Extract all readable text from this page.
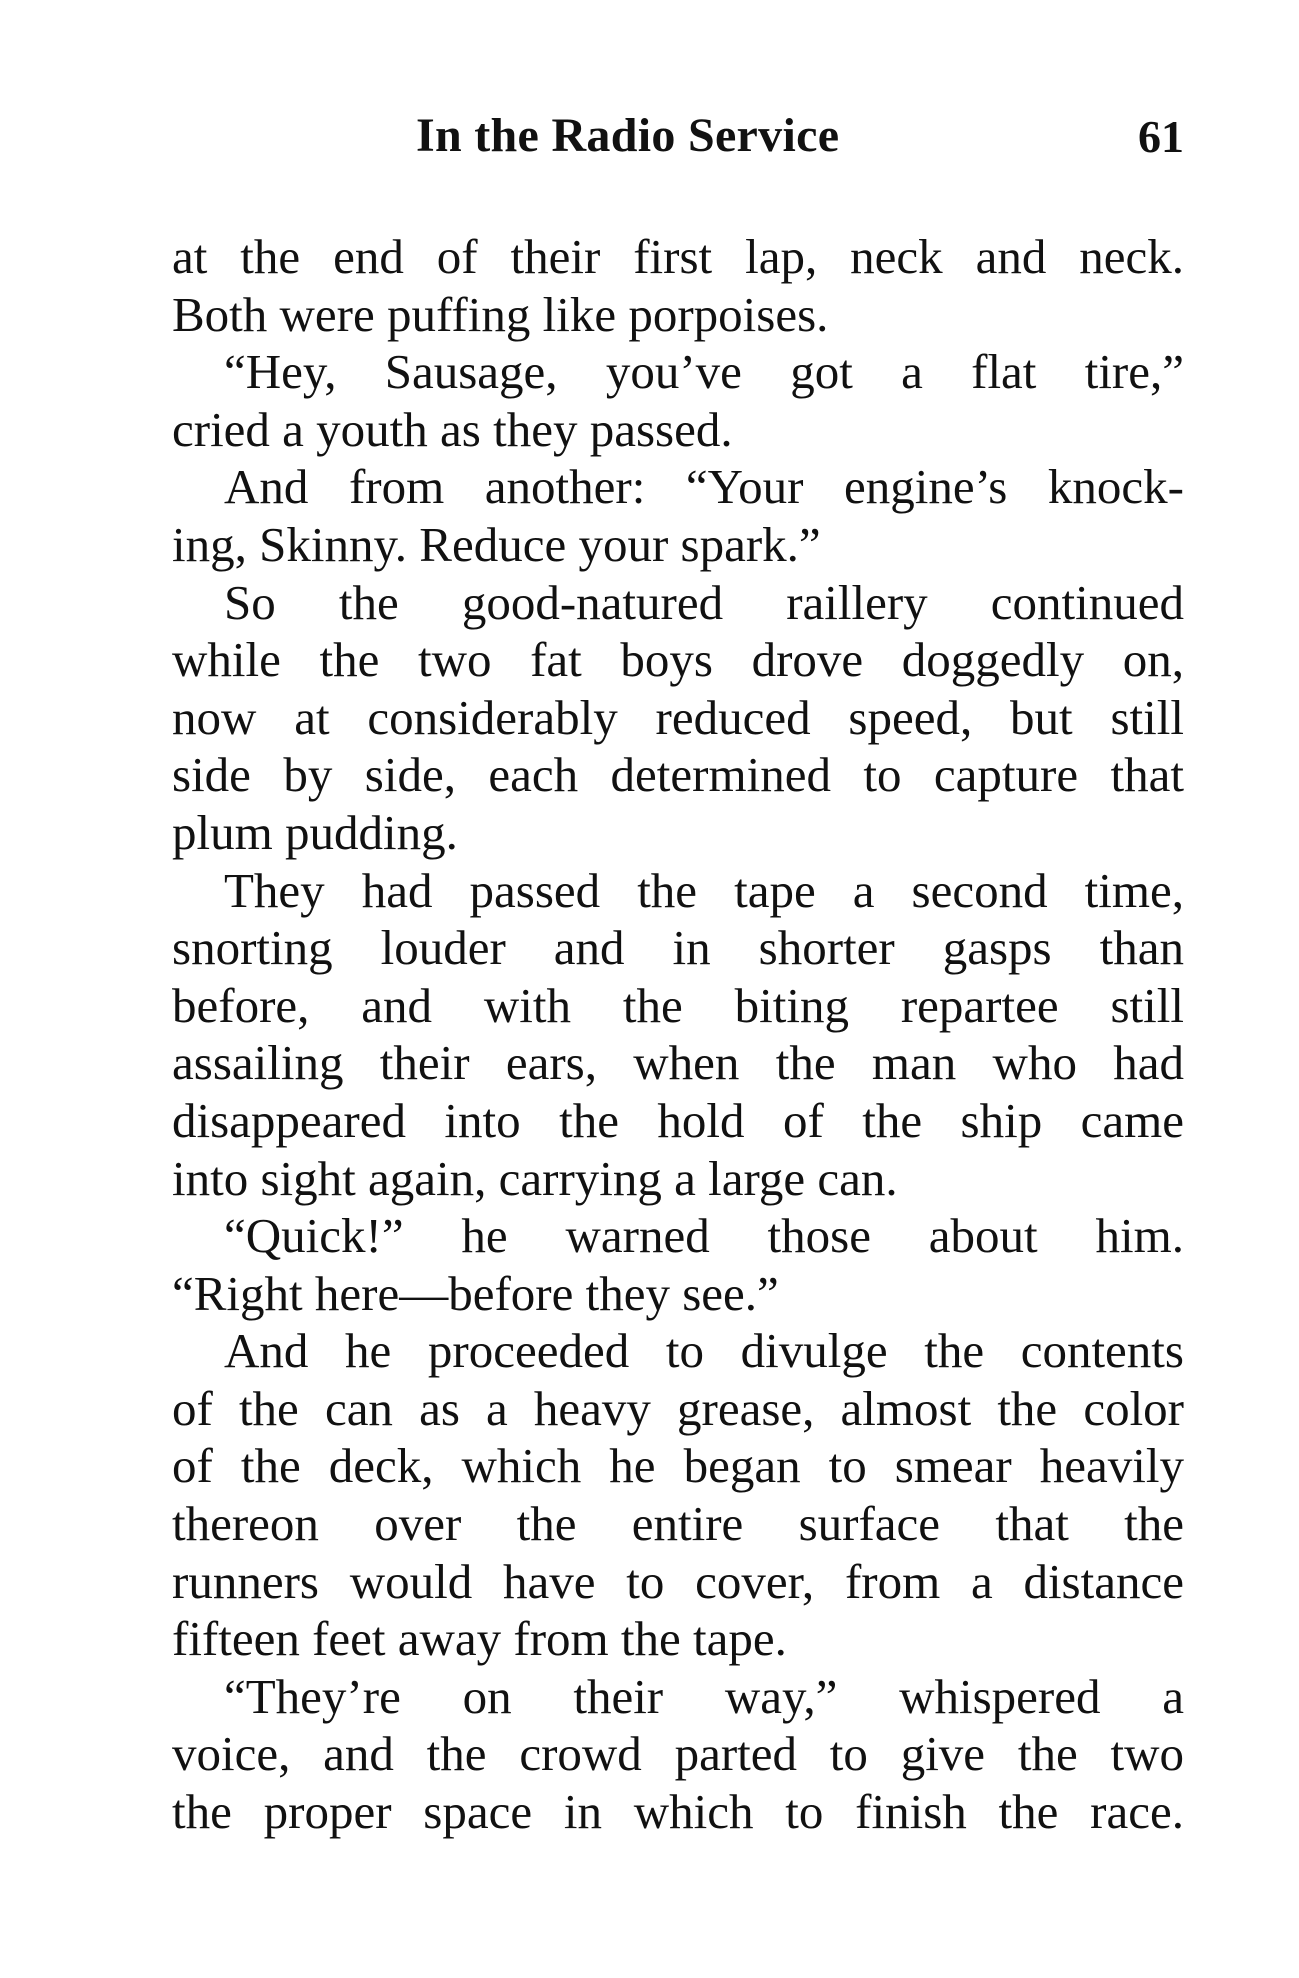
In the Radio Service	61
at the end of their first lap, neck and neck.
Both were puffing like porpoises.
“Hey, Sausage, you’ve got a flat tire,”
cried a youth as they passed.
And from another: “Your engine’s knock-
ing, Skinny. Reduce your spark.”
So the good-natured raillery continued
while the two fat boys drove doggedly on,
now at considerably reduced speed, but still
side by side, each determined to capture that
plum pudding.
They had passed the tape a second time,
snorting louder and in shorter gasps than
before, and with the biting repartee still
assailing their ears, when the man who had
disappeared into the hold of the ship came
into sight again, carrying a large can.
“Quick!” he warned those about him.
“Right here—before they see.”
And he proceeded to divulge the contents
of the can as a heavy grease, almost the color
of the deck, which he began to smear heavily
thereon over the entire surface that the
runners would have to cover, from a distance
fifteen feet away from the tape.
“They’re on their way,” whispered a
voice, and the crowd parted to give the two
the proper space in which to finish the race.
